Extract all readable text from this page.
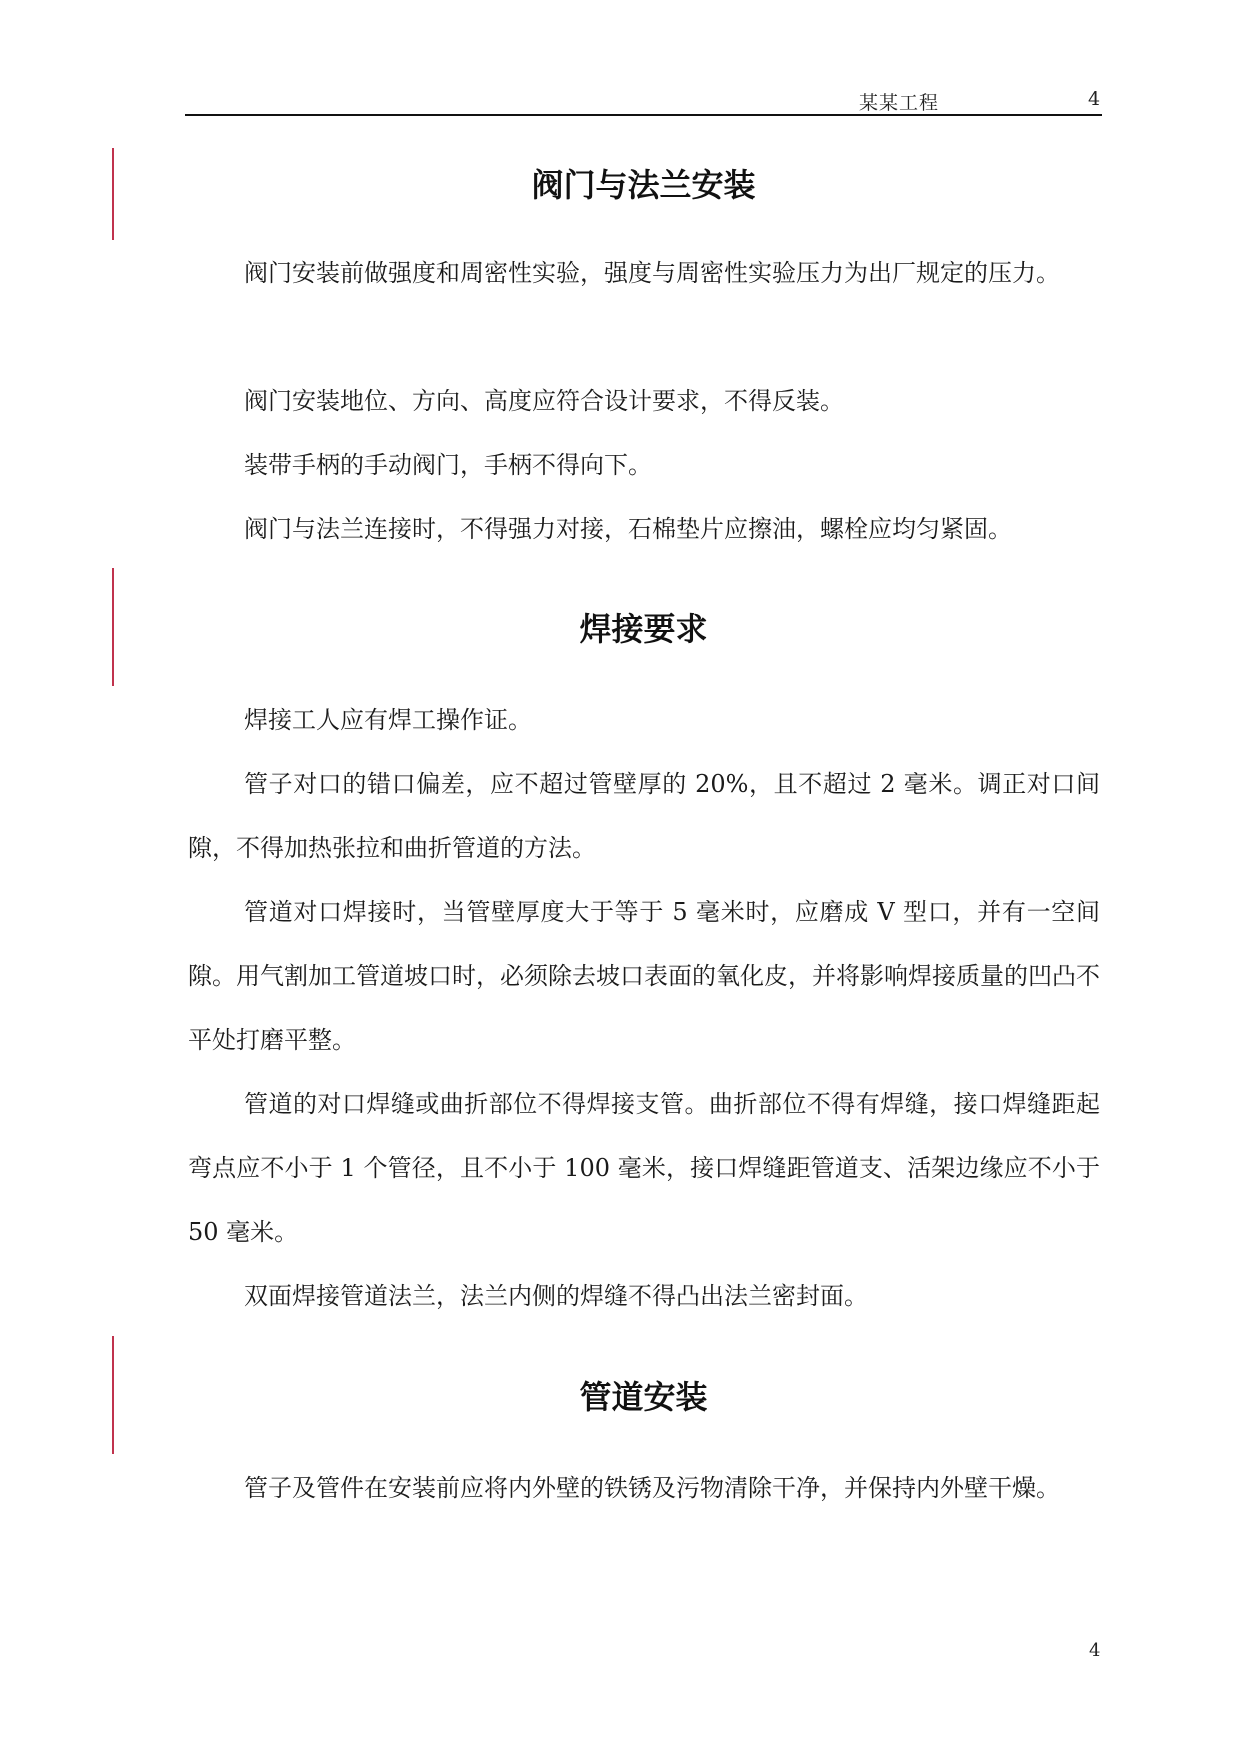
某某工程	4
阀门与法兰安装
阀门安装前做强度和周密性实验，强度与周密性实验压力为出厂规定的压力。
阀门安装地位、方向、高度应符合设计要求，不得反装。
装带手柄的手动阀门，手柄不得向下。
阀门与法兰连接时，不得强力对接，石棉垫片应擦油，螺栓应均匀紧固。
焊接要求
焊接工人应有焊工操作证。
管子对口的错口偏差，应不超过管壁厚的 20%，且不超过 2 毫米。调正对口间隙，不得加热张拉和曲折管道的方法。
管道对口焊接时，当管壁厚度大于等于 5 毫米时，应磨成 V 型口，并有一空间隙。用气割加工管道坡口时，必须除去坡口表面的氧化皮，并将影响焊接质量的凹凸不平处打磨平整。
管道的对口焊缝或曲折部位不得焊接支管。曲折部位不得有焊缝，接口焊缝距起弯点应不小于 1 个管径，且不小于 100 毫米，接口焊缝距管道支、活架边缘应不小于 50 毫米。
双面焊接管道法兰，法兰内侧的焊缝不得凸出法兰密封面。
管道安装
管子及管件在安装前应将内外壁的铁锈及污物清除干净，并保持内外壁干燥。
4
